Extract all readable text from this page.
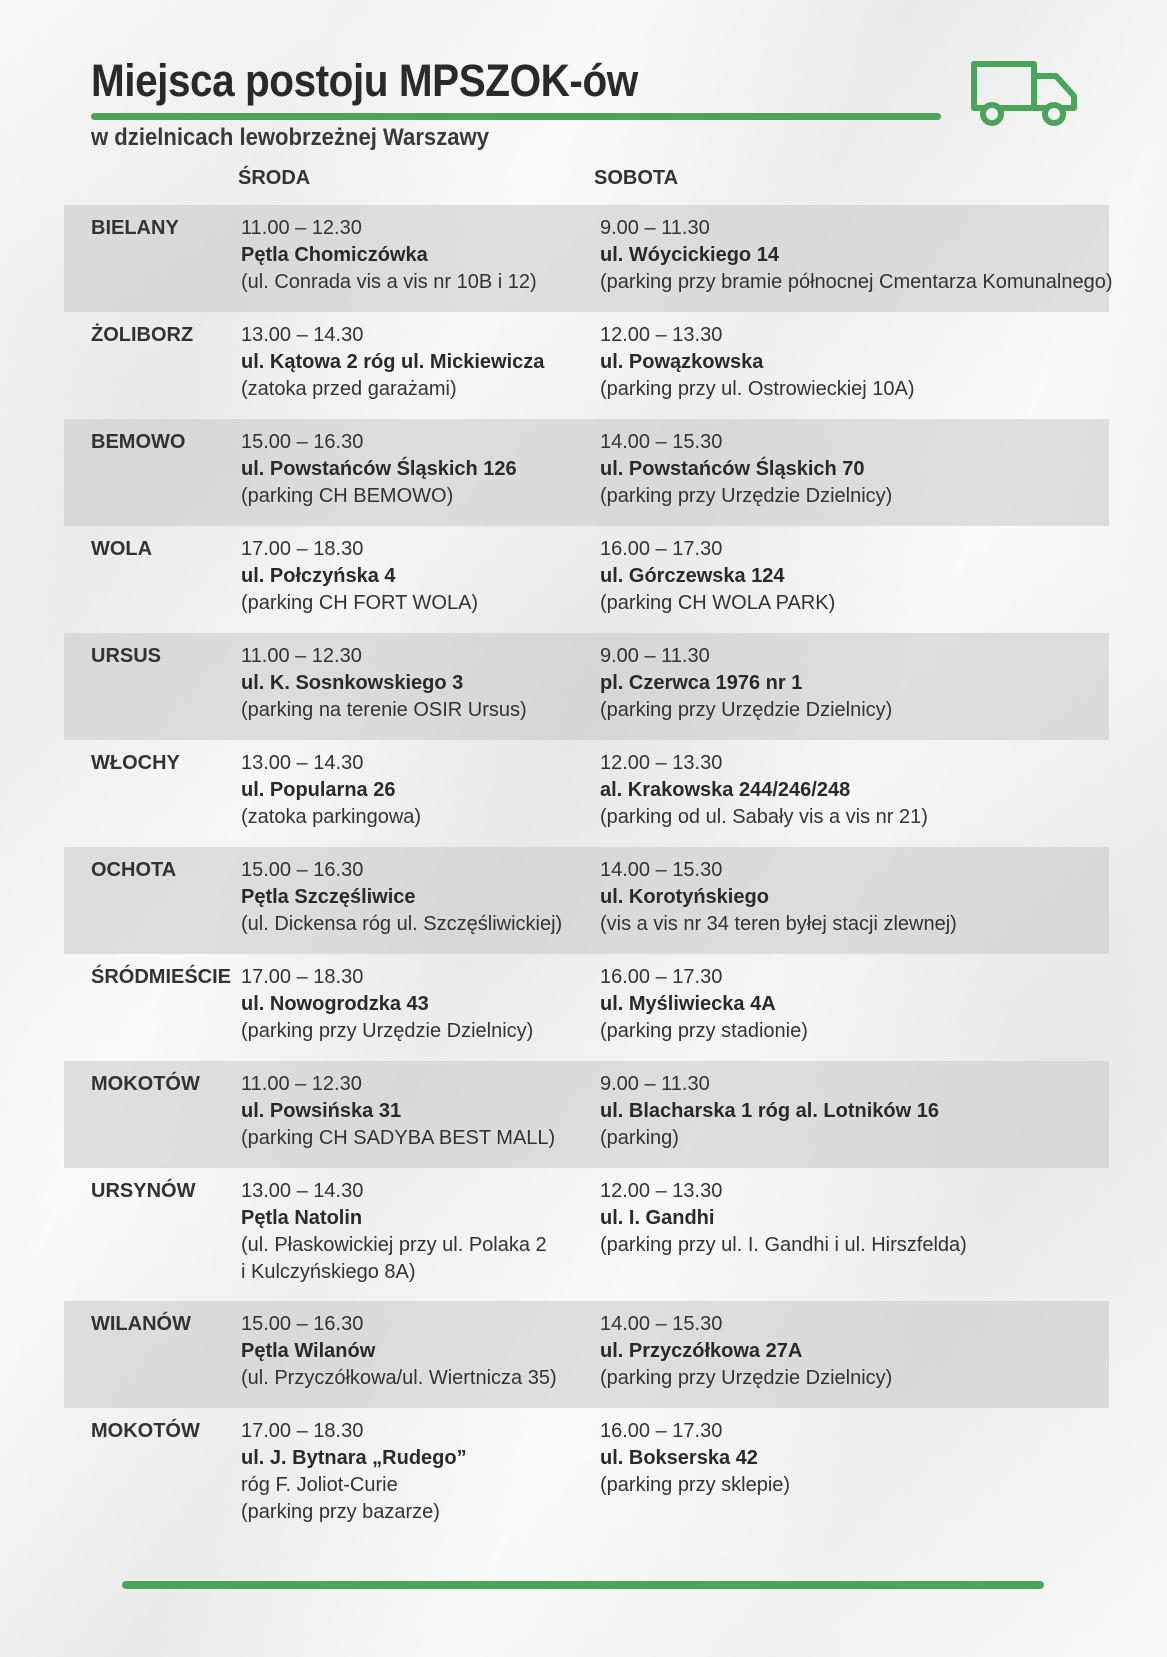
Miejsca postoju MPSZOK-ów
w dzielnicach lewobrzeżnej Warszawy
ŚRODA	SOBOTA
BIELANY	11.00 – 12.30
Pętla Chomiczówka
(ul. Conrada vis a vis nr 10B i 12)
9.00 – 11.30
ul. Wóycickiego 14
(parking przy bramie północnej Cmentarza Komunalnego)
ŻOLIBORZ 13.00 – 14.30
ul. Kątowa 2 róg ul. Mickiewicza
(zatoka przed garażami)
12.00 – 13.30
ul. Powązkowska
(parking przy ul. Ostrowieckiej 10A)
BEMOWO	15.00 – 16.30
ul. Powstańców Śląskich 126
(parking CH BEMOWO)
14.00 – 15.30
ul. Powstańców Śląskich 70
(parking przy Urzędzie Dzielnicy)
WOLA	17.00 – 18.30
ul. Połczyńska 4
(parking CH FORT WOLA)
16.00 – 17.30
ul. Górczewska 124
(parking CH WOLA PARK)
URSUS	11.00 – 12.30
ul. K. Sosnkowskiego 3
(parking na terenie OSIR Ursus)
9.00 – 11.30
pl. Czerwca 1976 nr 1
(parking przy Urzędzie Dzielnicy)
WŁOCHY	13.00 – 14.30
ul. Popularna 26
(zatoka parkingowa)
12.00 – 13.30
al. Krakowska 244/246/248
(parking od ul. Sabały vis a vis nr 21)
OCHOTA	15.00 – 16.30
Pętla Szczęśliwice
(ul. Dickensa róg ul. Szczęśliwickiej)
14.00 – 15.30
ul. Korotyńskiego
(vis a vis nr 34 teren byłej stacji zlewnej)
ŚRÓDMIEŚCIE 17.00 – 18.30
ul. Nowogrodzka 43
(parking przy Urzędzie Dzielnicy)
16.00 – 17.30
ul. Myśliwiecka 4A
(parking przy stadionie)
MOKOTÓW 11.00 – 12.30
ul. Powsińska 31
(parking CH SADYBA BEST MALL)
9.00 – 11.30
ul. Blacharska 1 róg al. Lotników 16
(parking)
URSYNÓW 13.00 – 14.30
Pętla Natolin
(ul. Płaskowickiej przy ul. Polaka 2
i Kulczyńskiego 8A)
12.00 – 13.30
ul. I. Gandhi
(parking przy ul. I. Gandhi i ul. Hirszfelda)
WILANÓW	15.00 – 16.30
Pętla Wilanów
(ul. Przyczółkowa/ul. Wiertnicza 35)
14.00 – 15.30
ul. Przyczółkowa 27A
(parking przy Urzędzie Dzielnicy)
MOKOTÓW 17.00 – 18.30
ul. J. Bytnara „Rudego”
róg F. Joliot-Curie
(parking przy bazarze)
16.00 – 17.30
ul. Bokserska 42
(parking przy sklepie)
